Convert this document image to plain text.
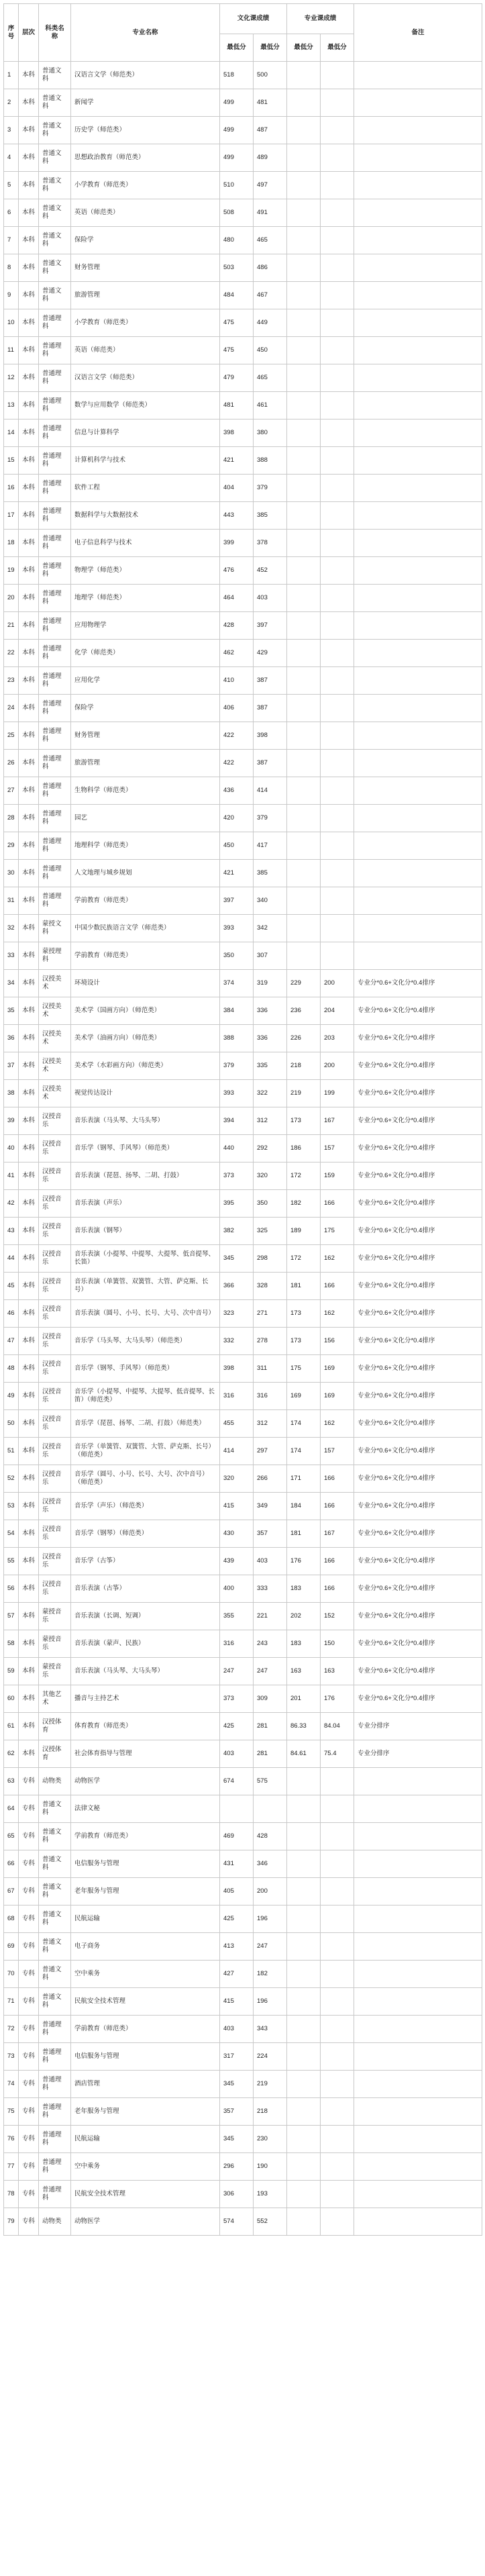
序号	层次	科类名称	专业名称	文化课成绩		专业课成绩		备注
				最低分	最低分	最低分	最低分	
1	本科	普通文科	汉语言文学（师范类）	518	500			
2	本科	普通文科	新闻学	499	481			
3	本科	普通文科	历史学（师范类）	499	487			
4	本科	普通文科	思想政治教育（师范类）	499	489			
5	本科	普通文科	小学教育（师范类）	510	497			
6	本科	普通文科	英语（师范类）	508	491			
7	本科	普通文科	保险学	480	465			
8	本科	普通文科	财务管理	503	486			
9	本科	普通文科	旅游管理	484	467			
10	本科	普通理科	小学教育（师范类）	475	449			
11	本科	普通理科	英语（师范类）	475	450			
12	本科	普通理科	汉语言文学（师范类）	479	465			
13	本科	普通理科	数学与应用数学（师范类）	481	461			
14	本科	普通理科	信息与计算科学	398	380			
15	本科	普通理科	计算机科学与技术	421	388			
16	本科	普通理科	软件工程	404	379			
17	本科	普通理科	数据科学与大数据技术	443	385			
18	本科	普通理科	电子信息科学与技术	399	378			
19	本科	普通理科	物理学（师范类）	476	452			
20	本科	普通理科	地理学（师范类）	464	403			
21	本科	普通理科	应用物理学	428	397			
22	本科	普通理科	化学（师范类）	462	429			
23	本科	普通理科	应用化学	410	387			
24	本科	普通理科	保险学	406	387			
25	本科	普通理科	财务管理	422	398			
26	本科	普通理科	旅游管理	422	387			
27	本科	普通理科	生物科学（师范类）	436	414			
28	本科	普通理科	园艺	420	379			
29	本科	普通理科	地理科学（师范类）	450	417			
30	本科	普通理科	人文地理与城乡规划	421	385			
31	本科	普通理科	学前教育（师范类）	397	340			
32	本科	蒙授文科	中国少数民族语言文学（师范类）	393	342			
33	本科	蒙授理科	学前教育（师范类）	350	307			
34	本科	汉授美术	环境设计	374	319	229	200	专业分*0.6+文化分*0.4排序
35	本科	汉授美术	美术学（国画方向）（师范类）	384	336	236	204	专业分*0.6+文化分*0.4排序
36	本科	汉授美术	美术学（油画方向）（师范类）	388	336	226	203	专业分*0.6+文化分*0.4排序
37	本科	汉授美术	美术学（水彩画方向）（师范类）	379	335	218	200	专业分*0.6+文化分*0.4排序
38	本科	汉授美术	视觉传达设计	393	322	219	199	专业分*0.6+文化分*0.4排序
39	本科	汉授音乐	音乐表演（马头琴、大马头琴）	394	312	173	167	专业分*0.6+文化分*0.4排序
40	本科	汉授音乐	音乐学（钢琴、手风琴）（师范类）	440	292	186	157	专业分*0.6+文化分*0.4排序
41	本科	汉授音乐	音乐表演（琵琶、扬琴、二胡、打鼓）	373	320	172	159	专业分*0.6+文化分*0.4排序
42	本科	汉授音乐	音乐表演（声乐）	395	350	182	166	专业分*0.6+文化分*0.4排序
43	本科	汉授音乐	音乐表演（钢琴）	382	325	189	175	专业分*0.6+文化分*0.4排序
44	本科	汉授音乐	音乐表演（小提琴、中提琴、大提琴、低音提琴、长笛）	345	298	172	162	专业分*0.6+文化分*0.4排序
45	本科	汉授音乐	音乐表演（单簧管、双簧管、大管、萨克斯、长号）	366	328	181	166	专业分*0.6+文化分*0.4排序
46	本科	汉授音乐	音乐表演（圆号、小号、长号、大号、次中音号）	323	271	173	162	专业分*0.6+文化分*0.4排序
47	本科	汉授音乐	音乐学（马头琴、大马头琴）（师范类）	332	278	173	156	专业分*0.6+文化分*0.4排序
48	本科	汉授音乐	音乐学（钢琴、手风琴）（师范类）	398	311	175	169	专业分*0.6+文化分*0.4排序
49	本科	汉授音乐	音乐学（小提琴、中提琴、大提琴、低音提琴、长笛）（师范类）	316	316	169	169	专业分*0.6+文化分*0.4排序
50	本科	汉授音乐	音乐学（琵琶、扬琴、二胡、打鼓）（师范类）	455	312	174	162	专业分*0.6+文化分*0.4排序
51	本科	汉授音乐	音乐学（单簧管、双簧管、大管、萨克斯、长号）（师范类）	414	297	174	157	专业分*0.6+文化分*0.4排序
52	本科	汉授音乐	音乐学（圆号、小号、长号、大号、次中音号）（师范类）	320	266	171	166	专业分*0.6+文化分*0.4排序
53	本科	汉授音乐	音乐学（声乐）（师范类）	415	349	184	166	专业分*0.6+文化分*0.4排序
54	本科	汉授音乐	音乐学（钢琴）（师范类）	430	357	181	167	专业分*0.6+文化分*0.4排序
55	本科	汉授音乐	音乐学（古筝）	439	403	176	166	专业分*0.6+文化分*0.4排序
56	本科	汉授音乐	音乐表演（古筝）	400	333	183	166	专业分*0.6+文化分*0.4排序
57	本科	蒙授音乐	音乐表演（长调、短调）	355	221	202	152	专业分*0.6+文化分*0.4排序
58	本科	蒙授音乐	音乐表演（蒙声、民族）	316	243	183	150	专业分*0.6+文化分*0.4排序
59	本科	蒙授音乐	音乐表演（马头琴、大马头琴）	247	247	163	163	专业分*0.6+文化分*0.4排序
60	本科	其他艺术	播音与主持艺术	373	309	201	176	专业分*0.6+文化分*0.4排序
61	本科	汉授体育	体育教育（师范类）	425	281	86.33	84.04	专业分排序
62	本科	汉授体育	社会体育指导与管理	403	281	84.61	75.4	专业分排序
63	专科	动物类	动物医学	674	575			
64	专科	普通文科	法律文秘					
65	专科	普通文科	学前教育（师范类）	469	428			
66	专科	普通文科	电信服务与管理	431	346			
67	专科	普通文科	老年服务与管理	405	200			
68	专科	普通文科	民航运输	425	196			
69	专科	普通文科	电子商务	413	247			
70	专科	普通文科	空中乘务	427	182			
71	专科	普通文科	民航安全技术管理	415	196			
72	专科	普通理科	学前教育（师范类）	403	343			
73	专科	普通理科	电信服务与管理	317	224			
74	专科	普通理科	酒店管理	345	219			
75	专科	普通理科	老年服务与管理	357	218			
76	专科	普通理科	民航运输	345	230			
77	专科	普通理科	空中乘务	296	190			
78	专科	普通理科	民航安全技术管理	306	193			
79	专科	动物类	动物医学	574	552			
